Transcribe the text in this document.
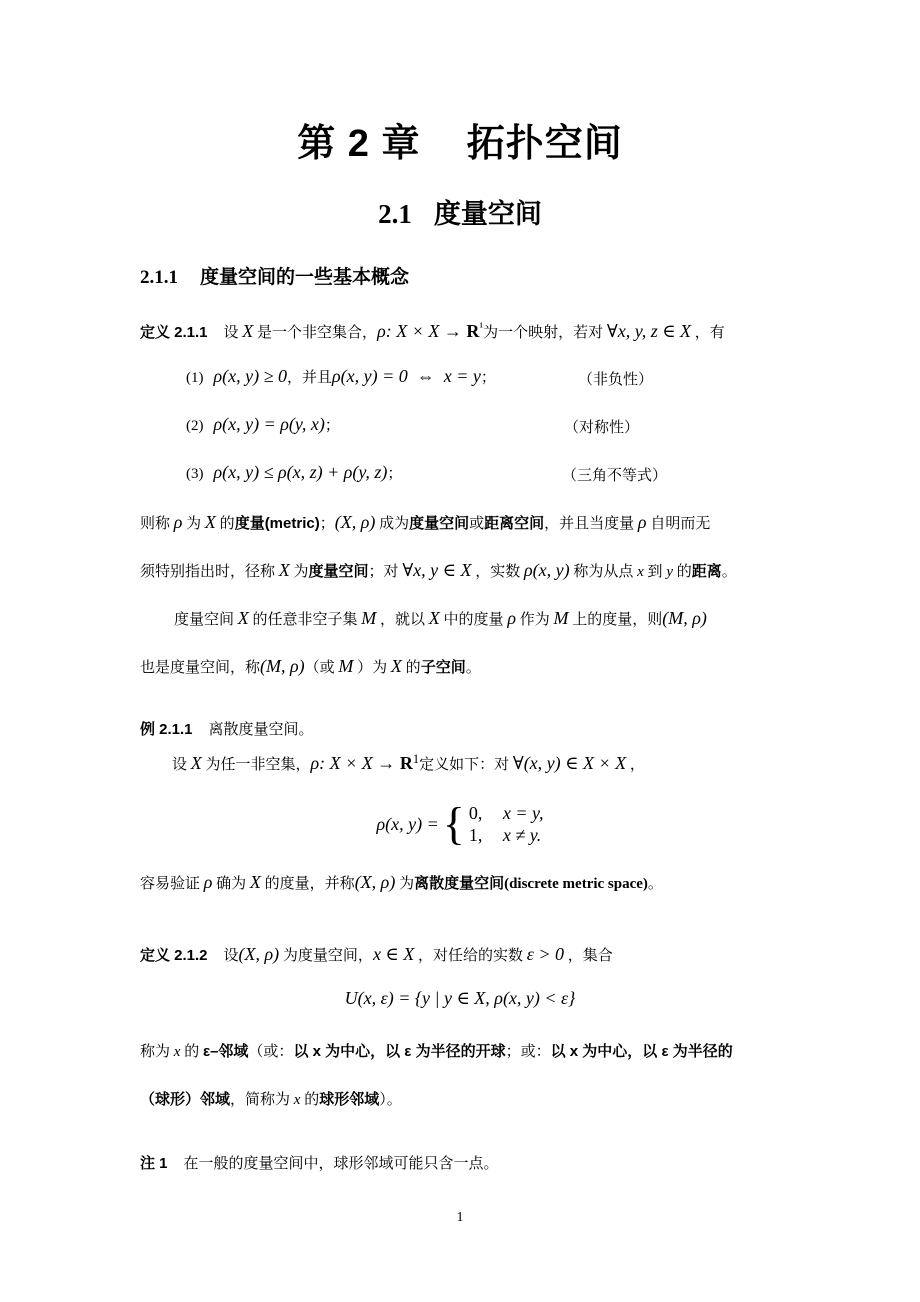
第 2 章 拓扑空间
2.1 度量空间
2.1.1 度量空间的一些基本概念
定义 2.1.1 设 X 是一个非空集合，ρ: $X \times X \to R^{^1}$为一个映射，若对 ∀x, y, z ∈ X ，有
(1) ρ(x, y) ≥ 0，并且ρ(x, y) = 0  ⇔  x = y；	（非负性）
(2) ρ(x, y) = ρ(y, x)；	（对称性）
(3) ρ(x, y) ≤ ρ(x, z) + ρ(y, z)；	（三角不等式）
则称 ρ 为 X 的度量(metric)；(X, ρ) 成为度量空间或距离空间，并且当度量 ρ 自明而无
须特别指出时，径称 X 为度量空间；对 ∀x, y ∈ X ，实数 ρ(x, y) 称为从点 x 到 y 的距离。
度量空间 X 的任意非空子集 M ，就以 X 中的度量 ρ 作为 M 上的度量，则(M, ρ)
也是度量空间，称(M, ρ)（或 M ）为 X 的子空间。
例 2.1.1 离散度量空间。
设 X 为任一非空集，ρ: $X \times X \to R^1$定义如下：对 ∀(x, y) ∈ X × X ，
ρ(x, y) = { 0, x = y,
1, x ≠ y.
容易验证 ρ 确为 X 的度量，并称(X, ρ) 为离散度量空间(discrete metric space)。
定义 2.1.2 设(X, ρ) 为度量空间，x ∈ X ，对任给的实数 ε > 0 ，集合
U(x, ε) = {y | y ∈ X, ρ(x, y) < ε}
称为 x 的 ε–邻域（或：以 x 为中心，以 ε 为半径的开球；或：以 x 为中心，以 ε 为半径的
（球形）邻域，简称为 x 的球形邻域）。
注 1 在一般的度量空间中，球形邻域可能只含一点。
1
